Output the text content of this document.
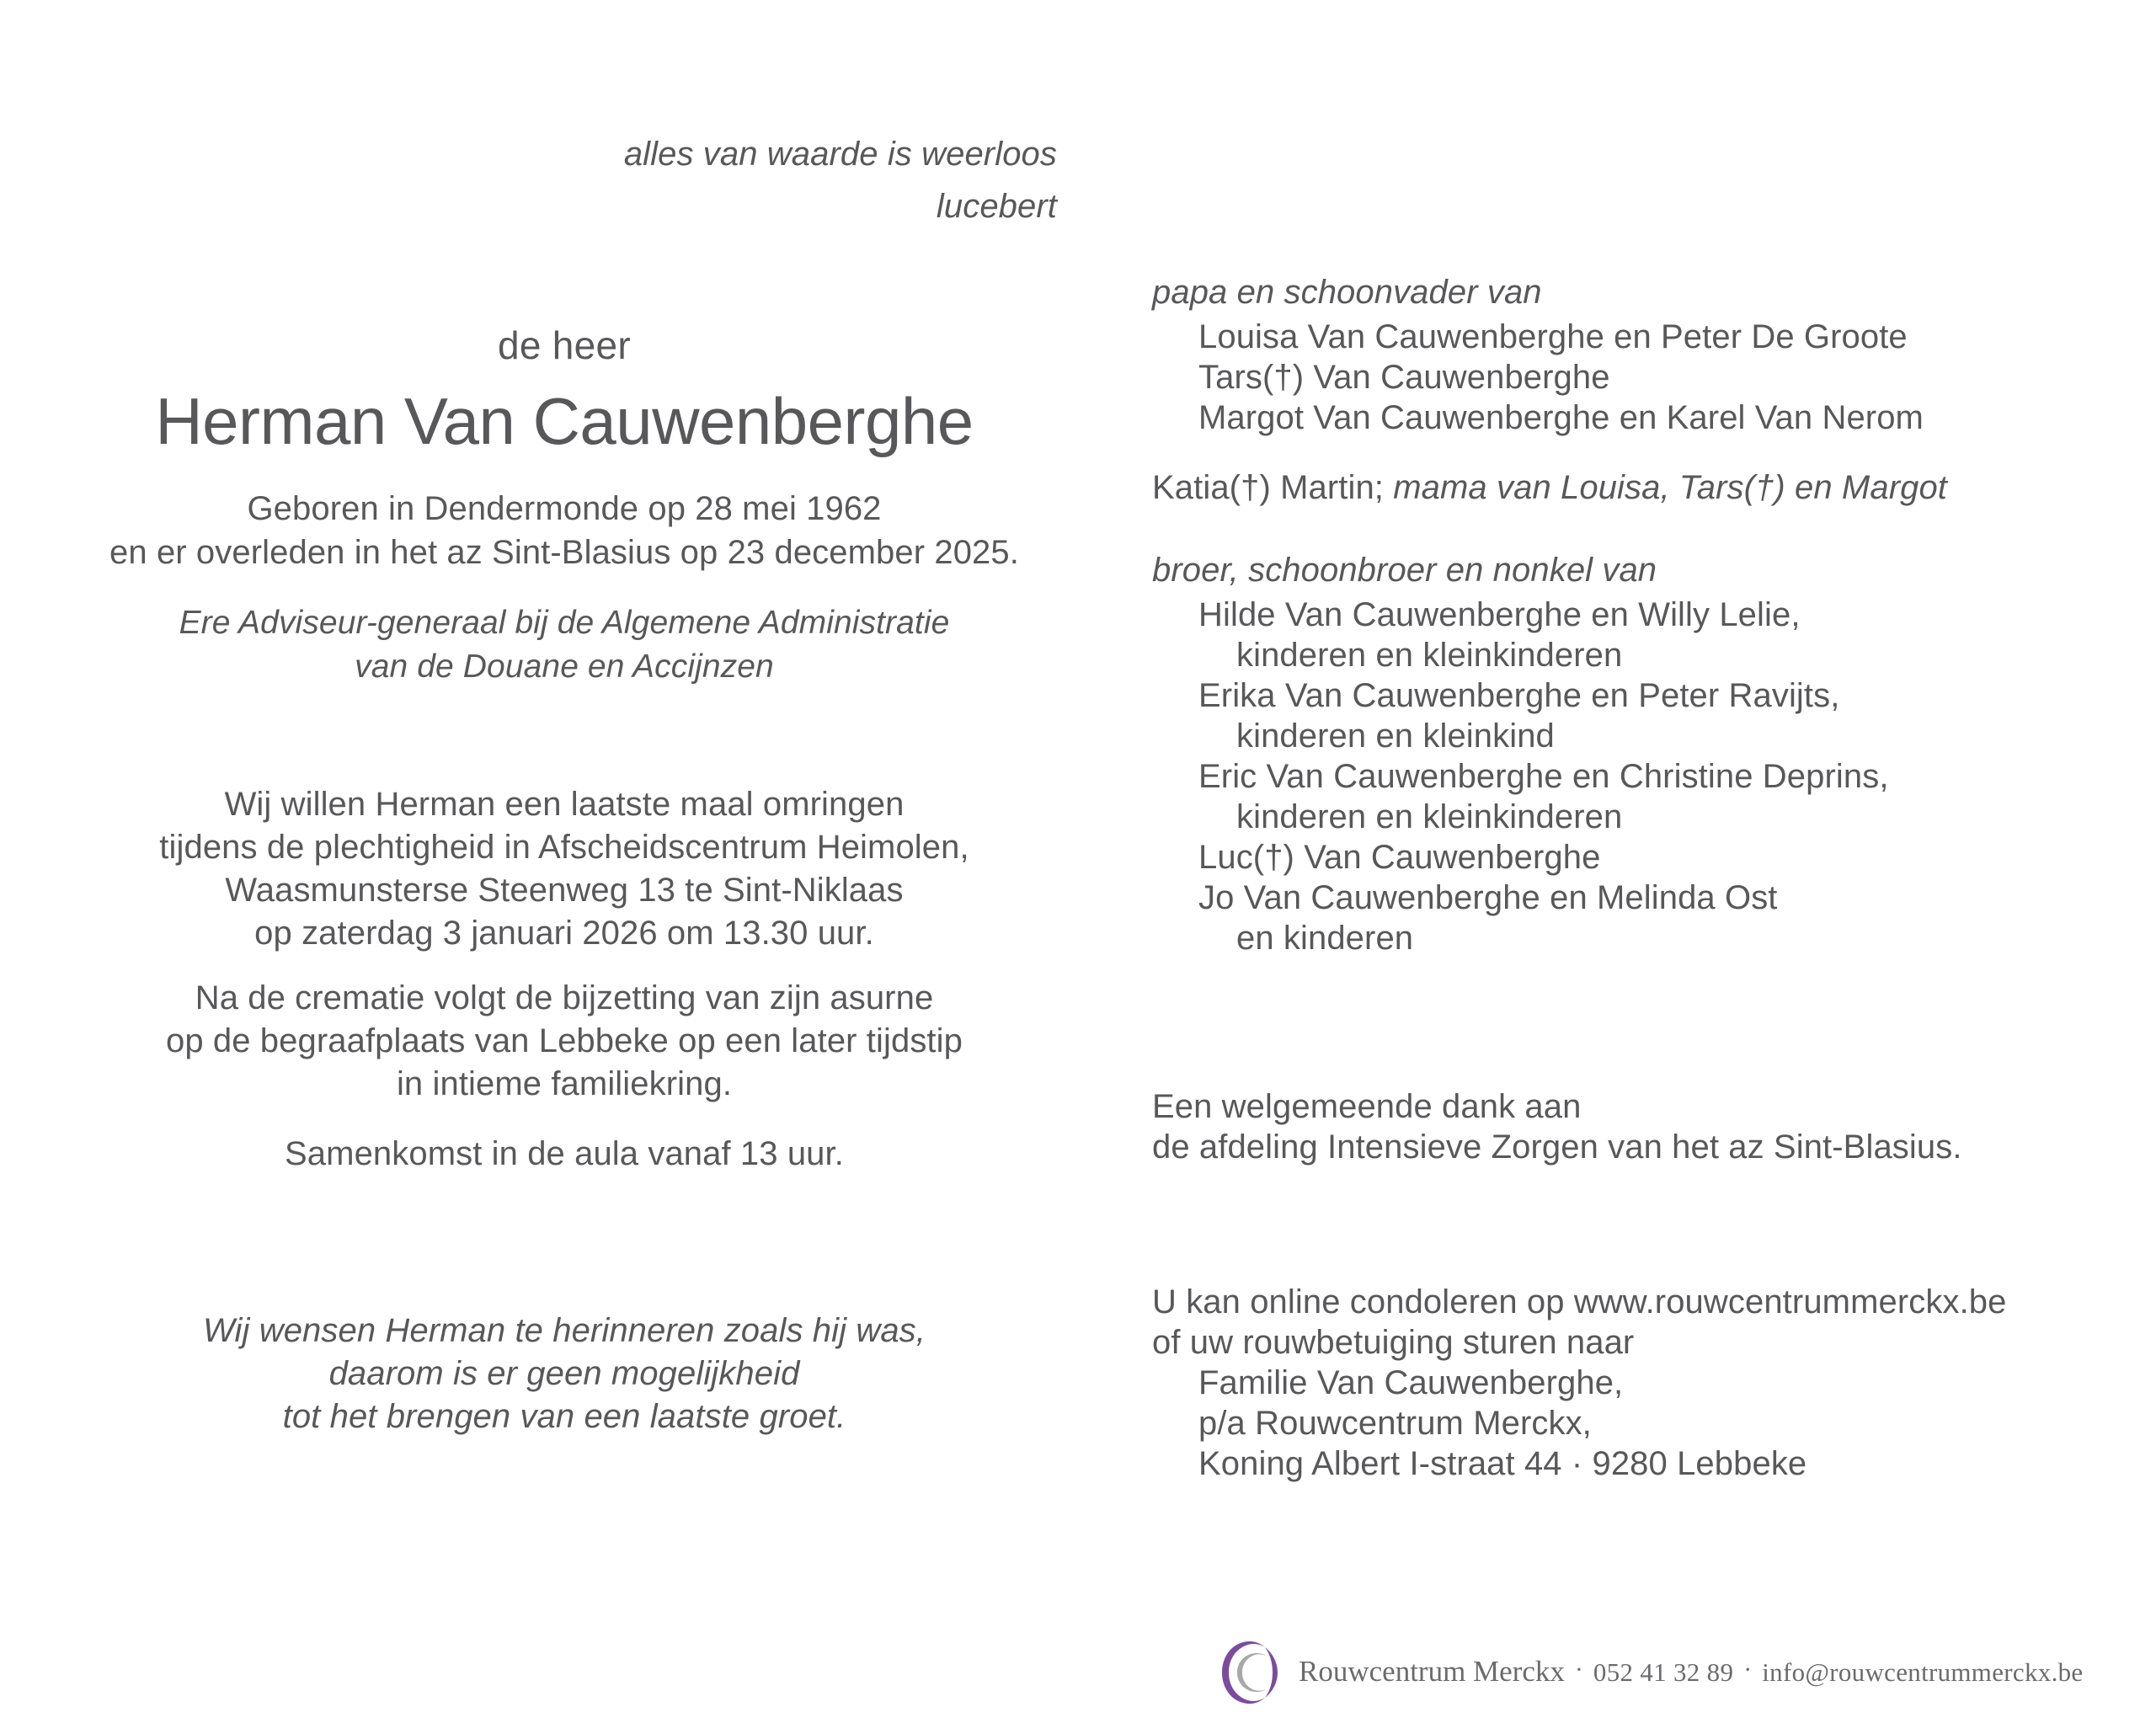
alles van waarde is weerloos
lucebert
de heer
Herman Van Cauwenberghe
Geboren in Dendermonde op 28 mei 1962
en er overleden in het az Sint-Blasius op 23 december 2025.
Ere Adviseur-generaal bij de Algemene Administratie
van de Douane en Accijnzen
Wij willen Herman een laatste maal omringen
tijdens de plechtigheid in Afscheidscentrum Heimolen,
Waasmunsterse Steenweg 13 te Sint-Niklaas
op zaterdag 3 januari 2026 om 13.30 uur.
Na de crematie volgt de bijzetting van zijn asurne
op de begraafplaats van Lebbeke op een later tijdstip
in intieme familiekring.
Samenkomst in de aula vanaf 13 uur.
Wij wensen Herman te herinneren zoals hij was,
daarom is er geen mogelijkheid
tot het brengen van een laatste groet.
papa en schoonvader van
Louisa Van Cauwenberghe en Peter De Groote
Tars(†) Van Cauwenberghe
Margot Van Cauwenberghe en Karel Van Nerom
Katia(†) Martin; mama van Louisa, Tars(†) en Margot
broer, schoonbroer en nonkel van
Hilde Van Cauwenberghe en Willy Lelie,
kinderen en kleinkinderen
Erika Van Cauwenberghe en Peter Ravijts,
kinderen en kleinkind
Eric Van Cauwenberghe en Christine Deprins,
kinderen en kleinkinderen
Luc(†) Van Cauwenberghe
Jo Van Cauwenberghe en Melinda Ost
en kinderen
Een welgemeende dank aan
de afdeling Intensieve Zorgen van het az Sint-Blasius.
U kan online condoleren op www.rouwcentrummerckx.be
of uw rouwbetuiging sturen naar
Familie Van Cauwenberghe,
p/a Rouwcentrum Merckx,
Koning Albert I-straat 44 · 9280 Lebbeke
Rouwcentrum Merckx · 052 41 32 89 · info@rouwcentrummerckx.be
